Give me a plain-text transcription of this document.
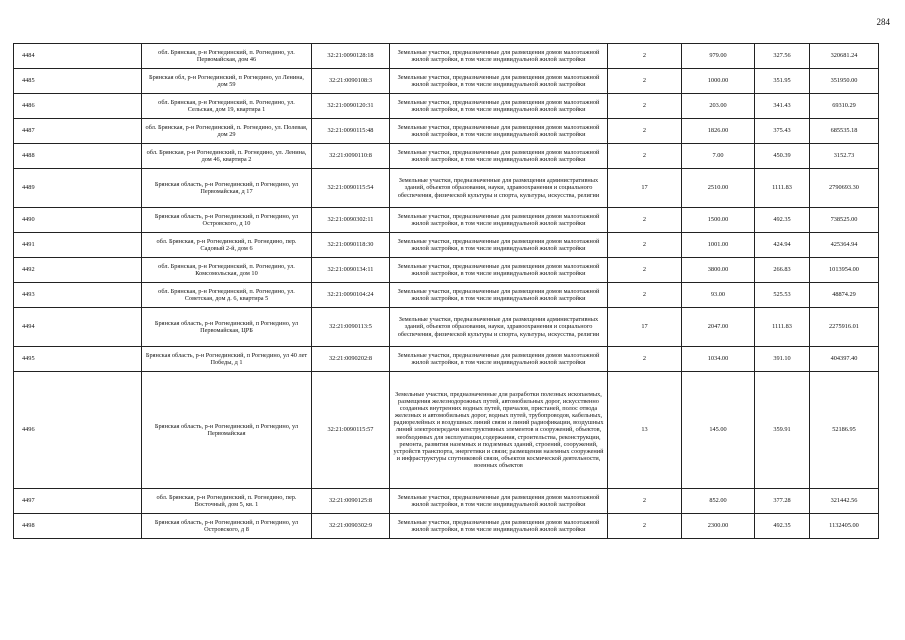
284
4484	обл. Брянская, р-н Рогнединский, п. Рогнедино, ул. Первомайская, дом 46	32:21:0090128:18	Земельные участки, предназначенные для размещения домов малоэтажной жилой застройки, в том числе индивидуальной жилой застройки	2	979.00	327.56	320681.24
4485	Брянская обл, р-н Рогнединский, п Рогнедино, ул Ленина, дом 59	32:21:0090108:3	Земельные участки, предназначенные для размещения домов малоэтажной жилой застройки, в том числе индивидуальной жилой застройки	2	1000.00	351.95	351950.00
4486	обл. Брянская, р-н Рогнединский, п. Рогнедино, ул. Сельская, дом 19, квартира 1	32:21:0090120:31	Земельные участки, предназначенные для размещения домов малоэтажной жилой застройки, в том числе индивидуальной жилой застройки	2	203.00	341.43	69310.29
4487	обл. Брянская, р-н Рогнединский, п. Рогнедино, ул. Полевая, дом 29	32:21:0090115:48	Земельные участки, предназначенные для размещения домов малоэтажной жилой застройки, в том числе индивидуальной жилой застройки	2	1826.00	375.43	685535.18
4488	обл. Брянская, р-н Рогнединский, п. Рогнедино, ул. Ленина, дом 46, квартира 2	32:21:0090110:8	Земельные участки, предназначенные для размещения домов малоэтажной жилой застройки, в том числе индивидуальной жилой застройки	2	7.00	450.39	3152.73
4489	Брянская область, р-н Рогнединский, п Рогнедино, ул Первомайская, д 17	32:21:0090115:54	Земельные участки, предназначенные для размещения административных зданий, объектов образования, науки, здравоохранения и социального обеспечения, физической культуры и спорта, культуры, искусства, религии	17	2510.00	1111.83	2790693.30
4490	Брянская область, р-н Рогнединский, п Рогнедино, ул Островского, д 10	32:21:0090302:11	Земельные участки, предназначенные для размещения домов малоэтажной жилой застройки, в том числе индивидуальной жилой застройки	2	1500.00	492.35	738525.00
4491	обл. Брянская, р-н Рогнединский, п. Рогнедино, пер. Садовый 2-й, дом 6	32:21:0090118:30	Земельные участки, предназначенные для размещения домов малоэтажной жилой застройки, в том числе индивидуальной жилой застройки	2	1001.00	424.94	425364.94
4492	обл. Брянская, р-н Рогнединский, п. Рогнедино, ул. Комсомольская, дом 10	32:21:0090134:11	Земельные участки, предназначенные для размещения домов малоэтажной жилой застройки, в том числе индивидуальной жилой застройки	2	3800.00	266.83	1013954.00
4493	обл. Брянская, р-н Рогнединский, п. Рогнедино, ул. Советская, дом д. 6, квартира 5	32:21:0090104:24	Земельные участки, предназначенные для размещения домов малоэтажной жилой застройки, в том числе индивидуальной жилой застройки	2	93.00	525.53	48874.29
4494	Брянская область, р-н Рогнединский, п Рогнедино, ул Первомайская, ЦРБ	32:21:0090113:5	Земельные участки, предназначенные для размещения административных зданий, объектов образования, науки, здравоохранения и социального обеспечения, физической культуры и спорта, культуры, искусства, религии	17	2047.00	1111.83	2275916.01
4495	Брянская область, р-н Рогнединский, п Рогнедино, ул 40 лет Победы, д 1	32:21:0090202:8	Земельные участки, предназначенные для размещения домов малоэтажной жилой застройки, в том числе индивидуальной жилой застройки	2	1034.00	391.10	404397.40
4496	Брянская область, р-н Рогнединский, п Рогнедино, ул Первомайская	32:21:0090115:57	Земельные участки, предназначенные для разработки полезных ископаемых, размещения железнодорожных путей, автомобильных дорог, искусственно созданных внутренних водных путей, причалов, пристаней, полос отвода железных и автомобильных дорог, водных путей, трубопроводов, кабельных, радиорелейных и воздушных линий связи и линий радиофикации, воздушных линий электропередачи конструктивных элементов и сооружений, объектов, необходимых для эксплуатации,содержания, строительства, реконструкции, ремонта, развития наземных и подземных зданий, строений, сооружений, устройств транспорта, энергетики и связи; размещения наземных сооружений и инфраструктуры спутниковой связи, объектов космической деятельности, военных объектов	13	145.00	359.91	52186.95
4497	обл. Брянская, р-н Рогнединский, п. Рогнедино, пер. Восточный, дом 5, кв. 1	32:21:0090125:8	Земельные участки, предназначенные для размещения домов малоэтажной жилой застройки, в том числе индивидуальной жилой застройки	2	852.00	377.28	321442.56
4498	Брянская область, р-н Рогнединский, п Рогнедино, ул Островского, д 8	32:21:0090302:9	Земельные участки, предназначенные для размещения домов малоэтажной жилой застройки, в том числе индивидуальной жилой застройки	2	2300.00	492.35	1132405.00
